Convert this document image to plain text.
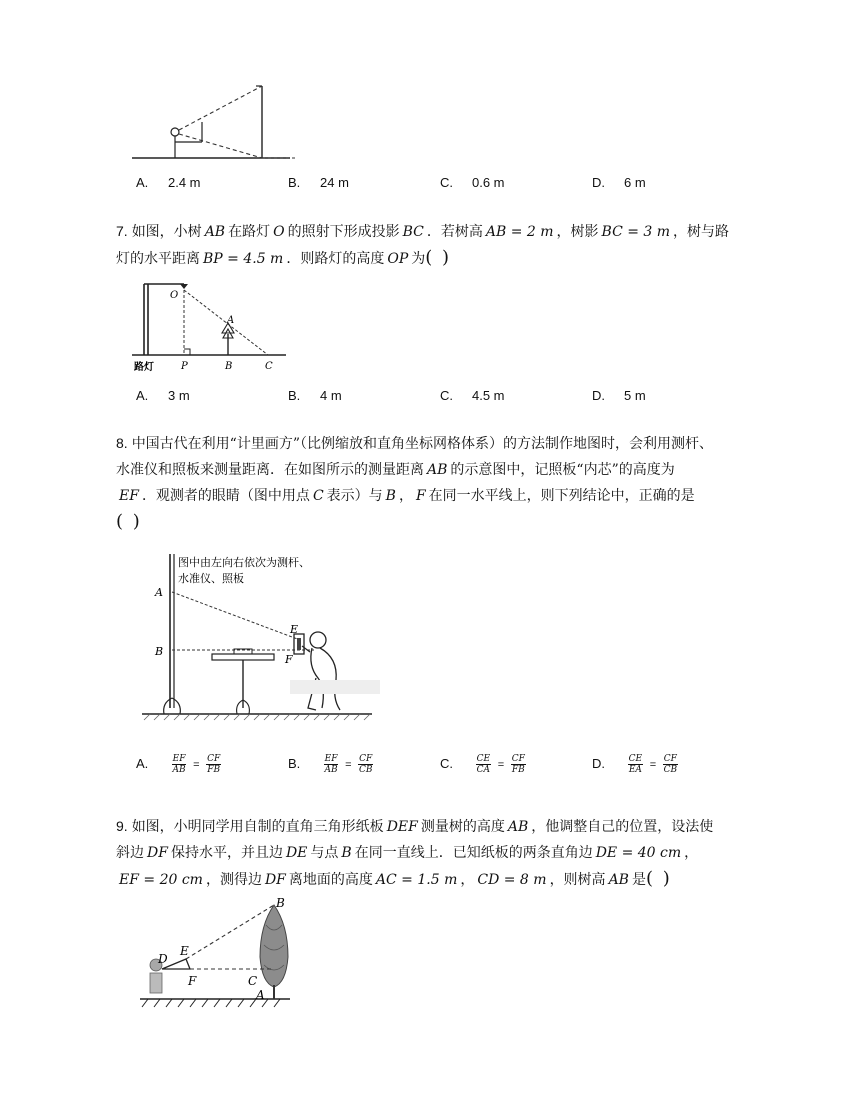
A. 2.4 m	B. 24 m	C. 0.6 m	D. 6 m
7. 如图，小树 AB 在路灯 O 的照射下形成投影 BC ．若树高 AB = 2 m ，树影 BC = 3 m ，树与路
灯的水平距离 BP = 4.5 m ．则路灯的高度 OP 为( )
O
A
P	B	C
路灯
A. 3 m	B. 4 m	C. 4.5 m	D. 5 m
8. 中国古代在利用“计里画方”（比例缩放和直角坐标网格体系）的方法制作地图时，会利用测杆、
水准仪和照板来测量距离．在如图所示的测量距离 AB 的示意图中，记照板“内芯”的高度为
EF ．观测者的眼睛（图中用点 C 表示）与 B ， F 在同一水平线上，则下列结论中，正确的是
( )
图中由左向右依次为测杆、
水准仪、照板
A
B
E
F
A.	$\frac{EF}{AB} = \frac{CF}{FB}$	B.	$\frac{EF}{AB} = \frac{CF}{CB}$	C.	$\frac{CE}{CA} = \frac{CF}{FB}$	D.	$\frac{CE}{EA} = \frac{CF}{CB}$
9. 如图，小明同学用自制的直角三角形纸板 DEF 测量树的高度 AB ，他调整自己的位置，设法使
斜边 DF 保持水平，并且边 DE 与点 B 在同一直线上．已知纸板的两条直角边 DE = 40 cm ，
EF = 20 cm ，测得边 DF 离地面的高度 AC = 1.5 m ， CD = 8 m ，则树高 AB 是( )
B
D
E
F	C
A
